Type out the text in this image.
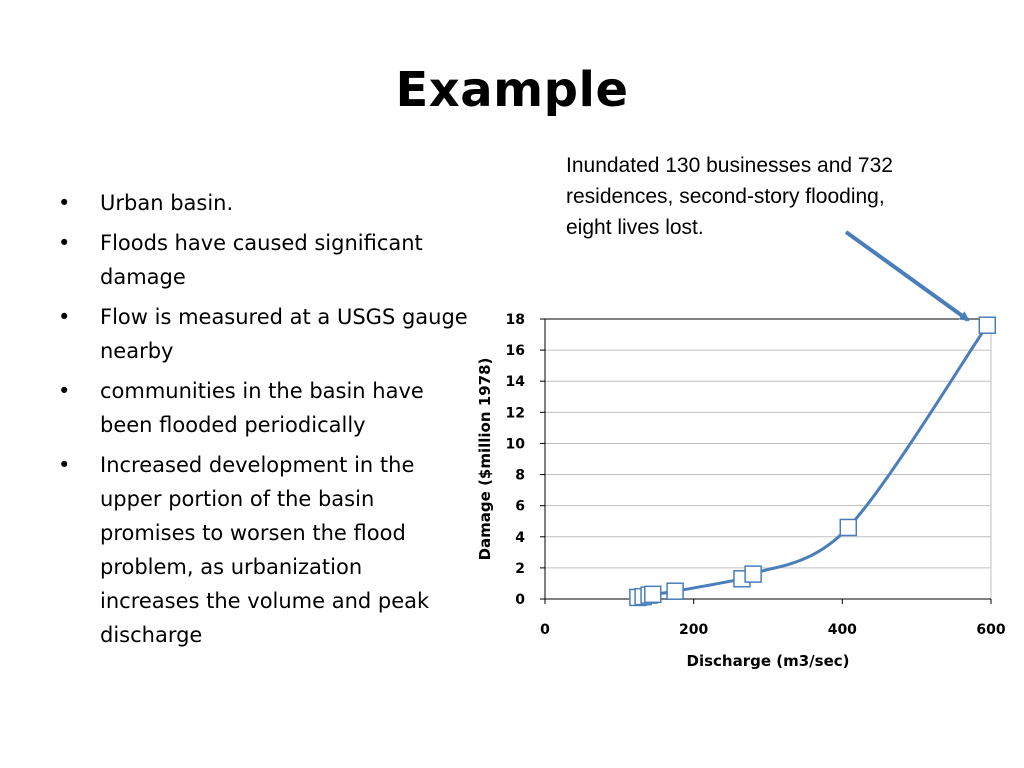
Example
• Urban basin.
• Floods have caused significant damage
• Flow is measured at a USGS gauge nearby
• communities in the basin have been flooded periodically
• Increased development in the upper portion of the basin promises to worsen the flood problem, as urbanization increases the volume and peak discharge
Inundated 130 businesses and 732 residences, second-story flooding, eight lives lost.
0
2
4
6
8
10
12
14
16
18
0	200	400	600
Discharge (m3/sec)
Damage ($million 1978)
